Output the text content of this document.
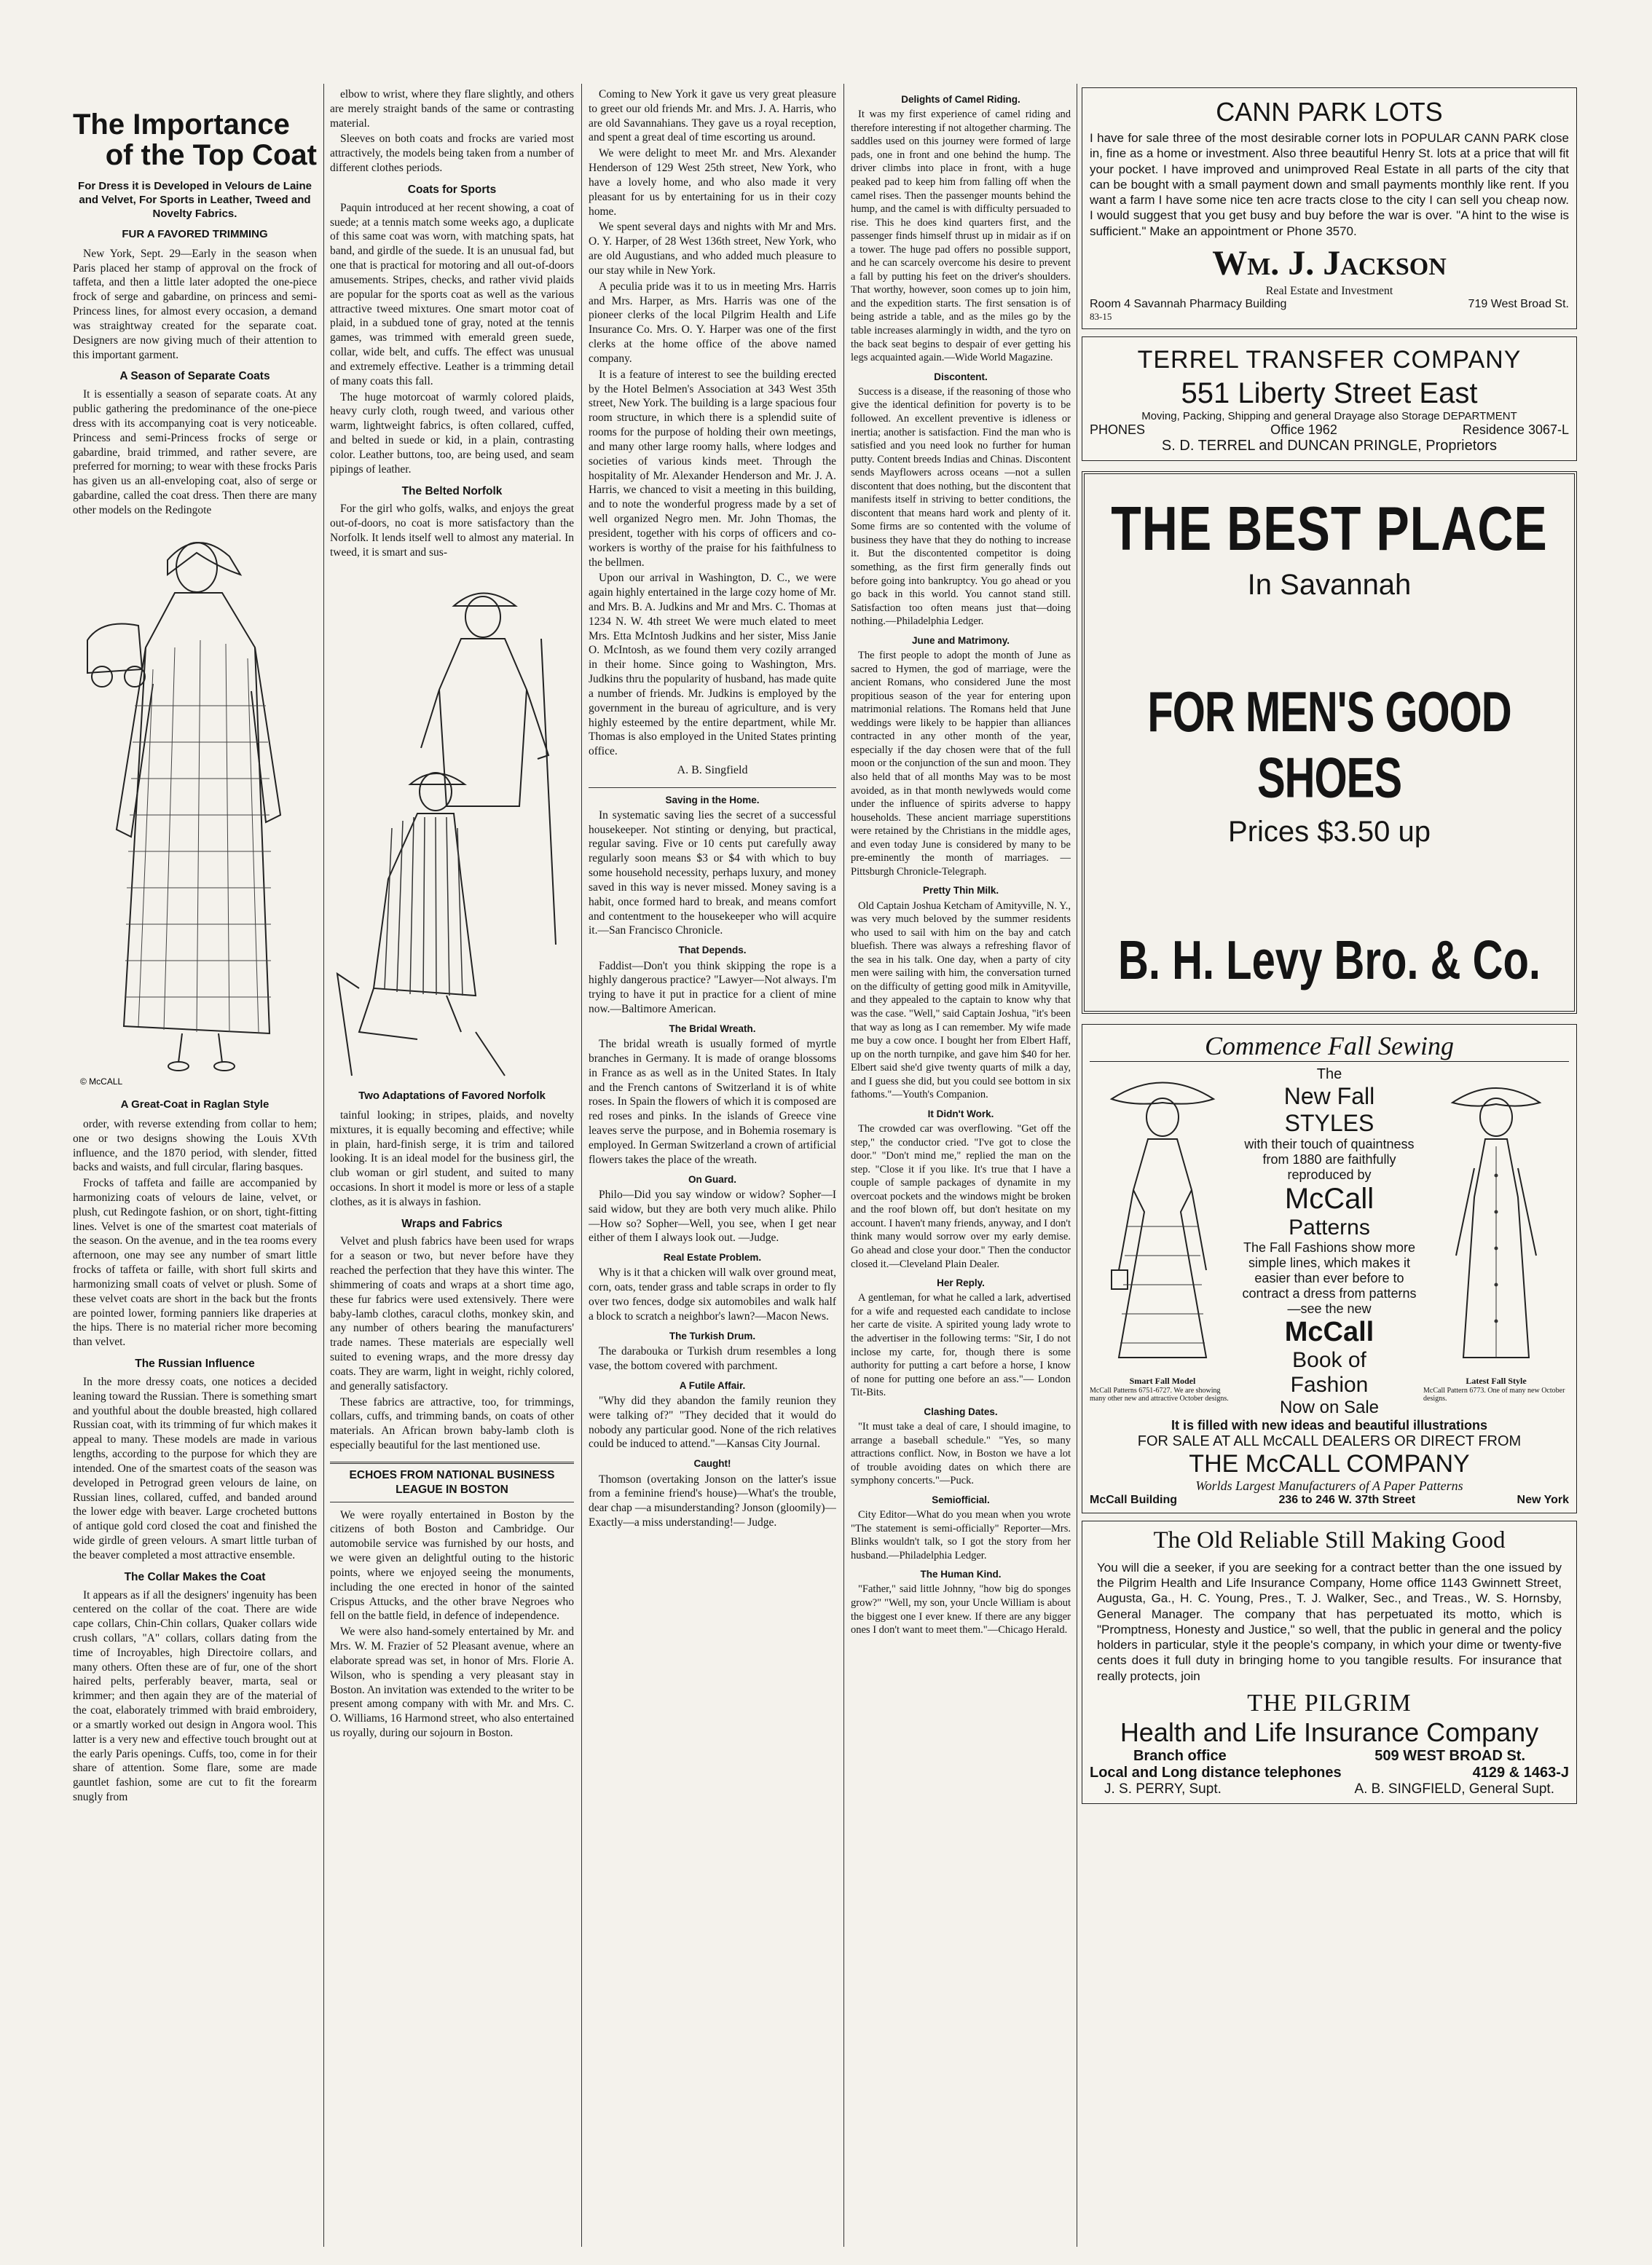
The Importance
of the Top Coat
For Dress it is Developed in Velours de Laine and Velvet, For Sports in Leather, Tweed and Novelty Fabrics.
FUR A FAVORED TRIMMING

New York, Sept. 29—Early in the season when Paris placed her stamp of approval on the frock of taffeta, and then a little later adopted the one-piece frock of serge and gabardine, on princess and semi-Princess lines, for almost every occasion, a demand was straightway created for the separate coat. Designers are now giving much of their attention to this important garment.

A Season of Separate Coats

It is essentially a season of separate coats. At any public gathering the predominance of the one-piece dress with its accompanying coat is very noticeable. Princess and semi-Princess frocks of serge or gabardine, braid trimmed, and rather severe, are preferred for morning; to wear with these frocks Paris has given us an all-enveloping coat, also of serge or gabardine, called the coat dress. Then there are many other models on the Redingote

© McCALL
A Great-Coat in Raglan Style

order, with reverse extending from collar to hem; one or two designs showing the Louis XVth influence, and the 1870 period, with slender, fitted backs and waists, and full circular, flaring basques.

Frocks of taffeta and faille are accompanied by harmonizing coats of velours de laine, velvet, or plush, cut Redingote fashion, or on short, tight-fitting lines. Velvet is one of the smartest coat materials of the season. On the avenue, and in the tea rooms every afternoon, one may see any number of smart little frocks of taffeta or faille, with short full skirts and harmonizing small coats of velvet or plush. Some of these velvet coats are short in the back but the fronts are pointed lower, forming panniers like draperies at the hips. There is no material richer more becoming than velvet.

The Russian Influence

In the more dressy coats, one notices a decided leaning toward the Russian. There is something smart and youthful about the double breasted, high collared Russian coat, with its trimming of fur which makes it appeal to many. These models are made in various lengths, according to the purpose for which they are intended. One of the smartest coats of the season was developed in Petrograd green velours de laine, on Russian lines, collared, cuffed, and banded around the lower edge with beaver. Large crocheted buttons of antique gold cord closed the coat and finished the wide girdle of green velours. A smart little turban of the beaver completed a most attractive ensemble.

The Collar Makes the Coat

It appears as if all the designers' ingenuity has been centered on the collar of the coat. There are wide cape collars, Chin-Chin collars, Quaker collars wide crush collars, "A" collars, collars dating from the time of Incroyables, high Directoire collars, and many others. Often these are of fur, one of the short haired pelts, perferably beaver, marta, seal or krimmer; and then again they are of the material of the coat, elaborately trimmed with braid embroidery, or a smartly worked out design in Angora wool. This latter is a very new and effective touch brought out at the early Paris openings. Cuffs, too, come in for their share of attention. Some flare, some are made gauntlet fashion, some are cut to fit the forearm snugly from

elbow to wrist, where they flare slightly, and others are merely straight bands of the same or contrasting material.

Sleeves on both coats and frocks are varied most attractively, the models being taken from a number of different clothes periods.

Coats for Sports

Paquin introduced at her recent showing, a coat of suede; at a tennis match some weeks ago, a duplicate of this same coat was worn, with matching spats, hat band, and girdle of the suede. It is an unusual fad, but one that is practical for motoring and all out-of-doors amusements. Stripes, checks, and rather vivid plaids are popular for the sports coat as well as the various attractive tweed mixtures. One smart motor coat of plaid, in a subdued tone of gray, noted at the tennis games, was trimmed with emerald green suede, collar, wide belt, and cuffs. The effect was unusual and extremely effective. Leather is a trimming detail of many coats this fall.

The huge motorcoat of warmly colored plaids, heavy curly cloth, rough tweed, and various other warm, lightweight fabrics, is often collared, cuffed, and belted in suede or kid, in a plain, contrasting color. Leather buttons, too, are being used, and seam pipings of leather.

The Belted Norfolk

For the girl who golfs, walks, and enjoys the great out-of-doors, no coat is more satisfactory than the Norfolk. It lends itself well to almost any material. In tweed, it is smart and sus-

Two Adaptations of Favored Norfolk

tainful looking; in stripes, plaids, and novelty mixtures, it is equally becoming and effective; while in plain, hard-finish serge, it is trim and tailored looking. It is an ideal model for the business girl, the club woman or girl student, and suited to many occasions. In short it model is more or less of a staple clothes, as it is always in fashion.

Wraps and Fabrics

Velvet and plush fabrics have been used for wraps for a season or two, but never before have they reached the perfection that they have this winter. The shimmering of coats and wraps at a short time ago, these fur fabrics were used extensively. There were baby-lamb clothes, caracul cloths, monkey skin, and any number of others bearing the manufacturers' trade names. These materials are especially well suited to evening wraps, and the more dressy day coats. They are warm, light in weight, richly colored, and generally satisfactory.

These fabrics are attractive, too, for trimmings, collars, cuffs, and trimming bands, on coats of other materials. An African brown baby-lamb cloth is especially beautiful for the last mentioned use.

ECHOES FROM NATIONAL BUSINESS LEAGUE IN BOSTON

We were royally entertained in Boston by the citizens of both Boston and Cambridge. Our automobile service was furnished by our hosts, and we were given an delightful outing to the historic points, where we enjoyed seeing the monuments, including the one erected in honor of the sainted Crispus Attucks, and the other brave Negroes who fell on the battle field, in defence of independence.

We were also hand-somely entertained by Mr. and Mrs. W. M. Frazier of 52 Pleasant avenue, where an elaborate spread was set, in honor of Mrs. Florie A. Wilson, who is spending a very pleasant stay in Boston. An invitation was extended to the writer to be present among company with with Mr. and Mrs. C. O. Williams, 16 Harmond street, who also entertained us royally, during our sojourn in Boston.

Coming to New York it gave us very great pleasure to greet our old friends Mr. and Mrs. J. A. Harris, who are old Savannahians. They gave us a royal reception, and spent a great deal of time escorting us around.

We were delight to meet Mr. and Mrs. Alexander Henderson of 129 West 25th street, New York, who have a lovely home, and who also made it very pleasant for us by entertaining for us in their cozy home.

We spent several days and nights with Mr and Mrs. O. Y. Harper, of 28 West 136th street, New York, who are old Augustians, and who added much pleasure to our stay while in New York.

A peculia pride was it to us in meeting Mrs. Harris and Mrs. Harper, as Mrs. Harris was one of the pioneer clerks of the local Pilgrim Health and Life Insurance Co. Mrs. O. Y. Harper was one of the first clerks at the home office of the above named company.

It is a feature of interest to see the building erected by the Hotel Belmen's Association at 343 West 35th street, New York. The building is a large spacious four room structure, in which there is a splendid suite of rooms for the purpose of holding their own meetings, and many other large roomy halls, where lodges and societies of various kinds meet. Through the hospitality of Mr. Alexander Henderson and Mr. J. A. Harris, we chanced to visit a meeting in this building, and to note the wonderful progress made by a set of well organized Negro men. Mr. John Thomas, the president, together with his corps of officers and co-workers is worthy of the praise for his faithfulness to the bellmen.

Upon our arrival in Washington, D. C., we were again highly entertained in the large cozy home of Mr. and Mrs. B. A. Judkins and Mr and Mrs. C. Thomas at 1234 N. W. 4th street We were much elated to meet Mrs. Etta McIntosh Judkins and her sister, Miss Janie O. McIntosh, as we found them very cozily arranged in their home. Since going to Washington, Mrs. Judkins thru the popularity of husband, has made quite a number of friends. Mr. Judkins is employed by the government in the bureau of agriculture, and is very highly esteemed by the entire department, while Mr. Thomas is also employed in the United States printing office.

A. B. Singfield
Saving in the Home.

In systematic saving lies the secret of a successful housekeeper. Not stinting or denying, but practical, regular saving. Five or 10 cents put carefully away regularly soon means $3 or $4 with which to buy some household necessity, perhaps luxury, and money saved in this way is never missed. Money saving is a habit, once formed hard to break, and means comfort and contentment to the housekeeper who will acquire it.—San Francisco Chronicle.

That Depends.

Faddist—Don't you think skipping the rope is a highly dangerous practice? "Lawyer—Not always. I'm trying to have it put in practice for a client of mine now.—Baltimore American.

The Bridal Wreath.

The bridal wreath is usually formed of myrtle branches in Germany. It is made of orange blossoms in France as as well as in the United States. In Italy and the French cantons of Switzerland it is of white roses. In Spain the flowers of which it is composed are red roses and pinks. In the islands of Greece vine leaves serve the purpose, and in Bohemia rosemary is employed. In German Switzerland a crown of artificial flowers takes the place of the wreath.

On Guard.

Philo—Did you say window or widow? Sopher—I said widow, but they are both very much alike. Philo—How so? Sopher—Well, you see, when I get near either of them I always look out. —Judge.

Real Estate Problem.

Why is it that a chicken will walk over ground meat, corn, oats, tender grass and table scraps in order to fly over two fences, dodge six automobiles and walk half a block to scratch a neighbor's lawn?—Macon News.

The Turkish Drum.

The darabouka or Turkish drum resembles a long vase, the bottom covered with parchment.

A Futile Affair.

"Why did they abandon the family reunion they were talking of?" "They decided that it would do nobody any particular good. None of the rich relatives could be induced to attend."—Kansas City Journal.

Caught!

Thomson (overtaking Jonson on the latter's issue from a feminine friend's house)—What's the trouble, dear chap —a misunderstanding? Jonson (gloomily)—Exactly—a miss understanding!— Judge.

Delights of Camel Riding.

It was my first experience of camel riding and therefore interesting if not altogether charming. The saddles used on this journey were formed of large pads, one in front and one behind the hump. The driver climbs into place in front, with a huge peaked pad to keep him from falling off when the camel rises. Then the passenger mounts behind the hump, and the camel is with difficulty persuaded to rise. This he does kind quarters first, and the passenger finds himself thrust up in midair as if on a tower. The huge pad offers no possible support, and he can scarcely overcome his desire to prevent a fall by putting his feet on the driver's shoulders. That worthy, however, soon comes up to join him, and the expedition starts. The first sensation is of being astride a table, and as the miles go by the table increases alarmingly in width, and the tyro on the back seat begins to despair of ever getting his legs acquainted again.—Wide World Magazine.

Discontent.

Success is a disease, if the reasoning of those who give the identical definition for poverty is to be followed. An excellent preventive is idleness or inertia; another is satisfaction. Find the man who is satisfied and you need look no further for human putty. Content breeds Indias and Chinas. Discontent sends Mayflowers across oceans —not a sullen discontent that does nothing, but the discontent that manifests itself in striving to better conditions, the discontent that means hard work and plenty of it. Some firms are so contented with the volume of business they have that they do nothing to increase it. But the discontented competitor is doing something, as the first firm generally finds out before going into bankruptcy. You go ahead or you go back in this world. You cannot stand still. Satisfaction too often means just that—doing nothing.—Philadelphia Ledger.

June and Matrimony.

The first people to adopt the month of June as sacred to Hymen, the god of marriage, were the ancient Romans, who considered June the most propitious season of the year for entering upon matrimonial relations. The Romans held that June weddings were likely to be happier than alliances contracted in any other month of the year, especially if the day chosen were that of the full moon or the conjunction of the sun and moon. They also held that of all months May was to be most avoided, as in that month newlyweds would come under the influence of spirits adverse to happy households. These ancient marriage superstitions were retained by the Christians in the middle ages, and even today June is considered by many to be pre-eminently the month of marriages. — Pittsburgh Chronicle-Telegraph.

Pretty Thin Milk.

Old Captain Joshua Ketcham of Amityville, N. Y., was very much beloved by the summer residents who used to sail with him on the bay and catch bluefish. There was always a refreshing flavor of the sea in his talk. One day, when a party of city men were sailing with him, the conversation turned on the difficulty of getting good milk in Amityville, and they appealed to the captain to know why that was the case. "Well," said Captain Joshua, "it's been that way as long as I can remember. My wife made me buy a cow once. I bought her from Elbert Haff, up on the north turnpike, and gave him $40 for her. Elbert said she'd give twenty quarts of milk a day, and I guess she did, but you could see bottom in six fathoms."—Youth's Companion.

It Didn't Work.

The crowded car was overflowing. "Get off the step," the conductor cried. "I've got to close the door." "Don't mind me," replied the man on the step. "Close it if you like. It's true that I have a couple of sample packages of dynamite in my overcoat pockets and the windows might be broken and the roof blown off, but don't hesitate on my account. I haven't many friends, anyway, and I don't think many would sorrow over my early demise. Go ahead and close your door." Then the conductor closed it.—Cleveland Plain Dealer.

Her Reply.

A gentleman, for what he called a lark, advertised for a wife and requested each candidate to inclose her carte de visite. A spirited young lady wrote to the advertiser in the following terms: "Sir, I do not inclose my carte, for, though there is some authority for putting a cart before a horse, I know of none for putting one before an ass."— London Tit-Bits.

Clashing Dates.

"It must take a deal of care, I should imagine, to arrange a baseball schedule." "Yes, so many attractions conflict. Now, in Boston we have a lot of trouble avoiding dates on which there are symphony concerts."—Puck.

Semiofficial.

City Editor—What do you mean when you wrote "The statement is semi-officially" Reporter—Mrs. Blinks wouldn't talk, so I got the story from her husband.—Philadelphia Ledger.

The Human Kind.

"Father," said little Johnny, "how big do sponges grow?" "Well, my son, your Uncle William is about the biggest one I ever knew. If there are any bigger ones I don't want to meet them."—Chicago Herald.

CANN PARK LOTS
I have for sale three of the most desirable corner lots in POPULAR CANN PARK close in, fine as a home or investment. Also three beautiful Henry St. lots at a price that will fit your pocket. I have improved and unimproved Real Estate in all parts of the city that can be bought with a small payment down and small payments monthly like rent. If you want a farm I have some nice ten acre tracts close to the city I can sell you cheap now. I would suggest that you get busy and buy before the war is over. "A hint to the wise is sufficient." Make an appointment or Phone 3570.
Wm. J. Jackson
Real Estate and Investment
Room 4 Savannah Pharmacy Building	719 West Broad St.
83-15
TERREL TRANSFER COMPANY
551 Liberty Street East
Moving, Packing, Shipping and general Drayage also Storage DEPARTMENT
PHONES	Office 1962	Residence 3067-L
S. D. TERREL and DUNCAN PRINGLE, Proprietors
THE BEST PLACE
In Savannah
FOR MEN'S GOOD SHOES
Prices $3.50 up
B. H. Levy Bro. & Co.
Commence Fall Sewing
Smart Fall Model
McCall Patterns 6751-6727. We are showing many other new and attractive October designs.
The
New Fall
STYLES
with their touch of quaintness from 1880 are faithfully reproduced by
McCall
Patterns
The Fall Fashions show more simple lines, which makes it easier than ever before to contract a dress from patterns—see the new
McCall
Book of
Fashion
Now on Sale
Latest Fall Style
McCall Pattern 6773. One of many new October designs.
It is filled with new ideas and beautiful illustrations
FOR SALE AT ALL McCALL DEALERS OR DIRECT FROM
THE McCALL COMPANY
Worlds Largest Manufacturers of A Paper Patterns
McCall Building	236 to 246 W. 37th Street	New York
The Old Reliable Still Making Good
You will die a seeker, if you are seeking for a contract better than the one issued by the Pilgrim Health and Life Insurance Company, Home office 1143 Gwinnett Street, Augusta, Ga., H. C. Young, Pres., T. J. Walker, Sec., and Treas., W. S. Hornsby, General Manager. The company that has perpetuated its motto, which is "Promptness, Honesty and Justice," so well, that the public in general and the policy holders in particular, style it the people's company, in which your dime or twenty-five cents does it full duty in bringing home to you tangible results. For insurance that really protects, join
THE PILGRIM
Health and Life Insurance Company
Branch office	509 WEST BROAD St.
Local and Long distance telephones	4129 & 1463-J
J. S. PERRY, Supt.	A. B. SINGFIELD, General Supt.
